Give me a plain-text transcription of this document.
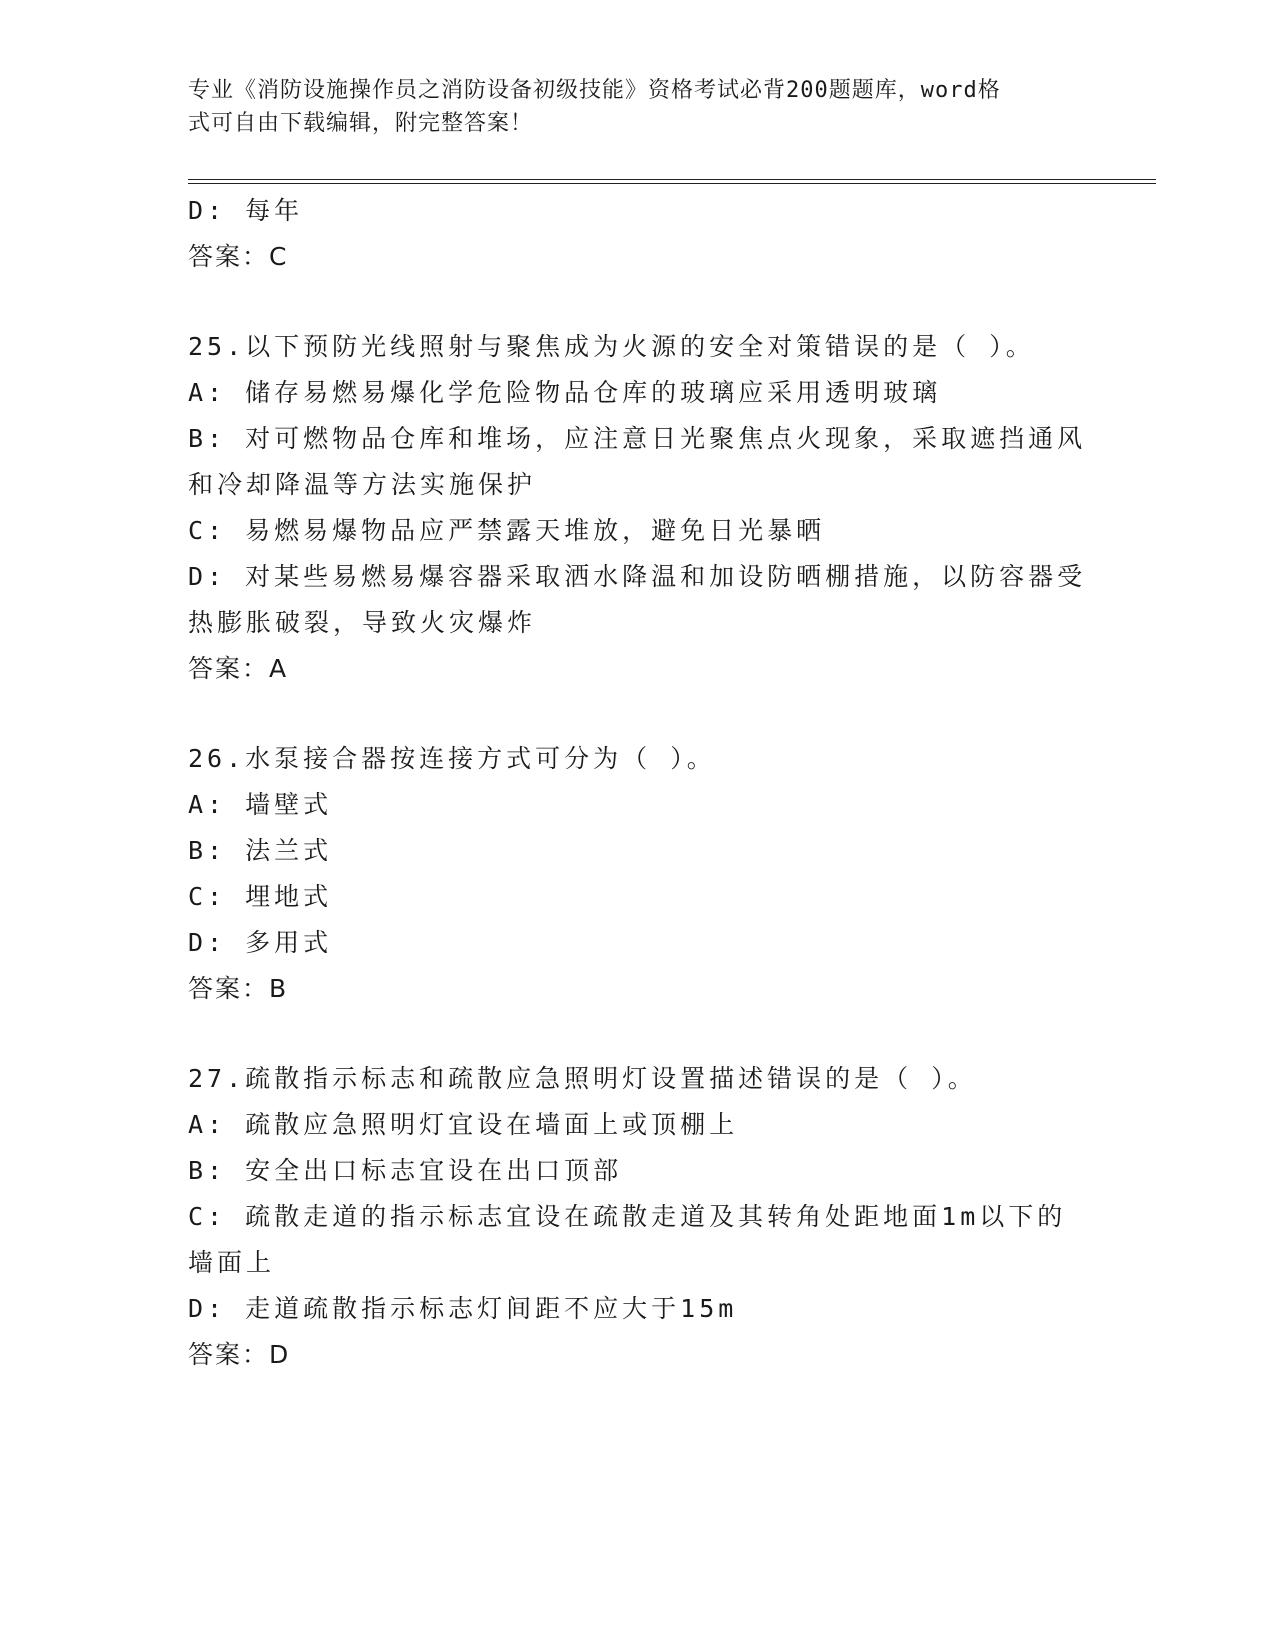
专业《消防设施操作员之消防设备初级技能》资格考试必背200题题库，word格
式可自由下载编辑，附完整答案！
D: 每年
答案：C
25.以下预防光线照射与聚焦成为火源的安全对策错误的是（ ）。
A: 储存易燃易爆化学危险物品仓库的玻璃应采用透明玻璃
B: 对可燃物品仓库和堆场，应注意日光聚焦点火现象，采取遮挡通风
和冷却降温等方法实施保护
C: 易燃易爆物品应严禁露天堆放，避免日光暴晒
D: 对某些易燃易爆容器采取洒水降温和加设防晒棚措施，以防容器受
热膨胀破裂，导致火灾爆炸
答案：A
26.水泵接合器按连接方式可分为（ ）。
A: 墙壁式
B: 法兰式
C: 埋地式
D: 多用式
答案：B
27.疏散指示标志和疏散应急照明灯设置描述错误的是（ ）。
A: 疏散应急照明灯宜设在墙面上或顶棚上
B: 安全出口标志宜设在出口顶部
C: 疏散走道的指示标志宜设在疏散走道及其转角处距地面1m以下的
墙面上
D: 走道疏散指示标志灯间距不应大于15m
答案：D
